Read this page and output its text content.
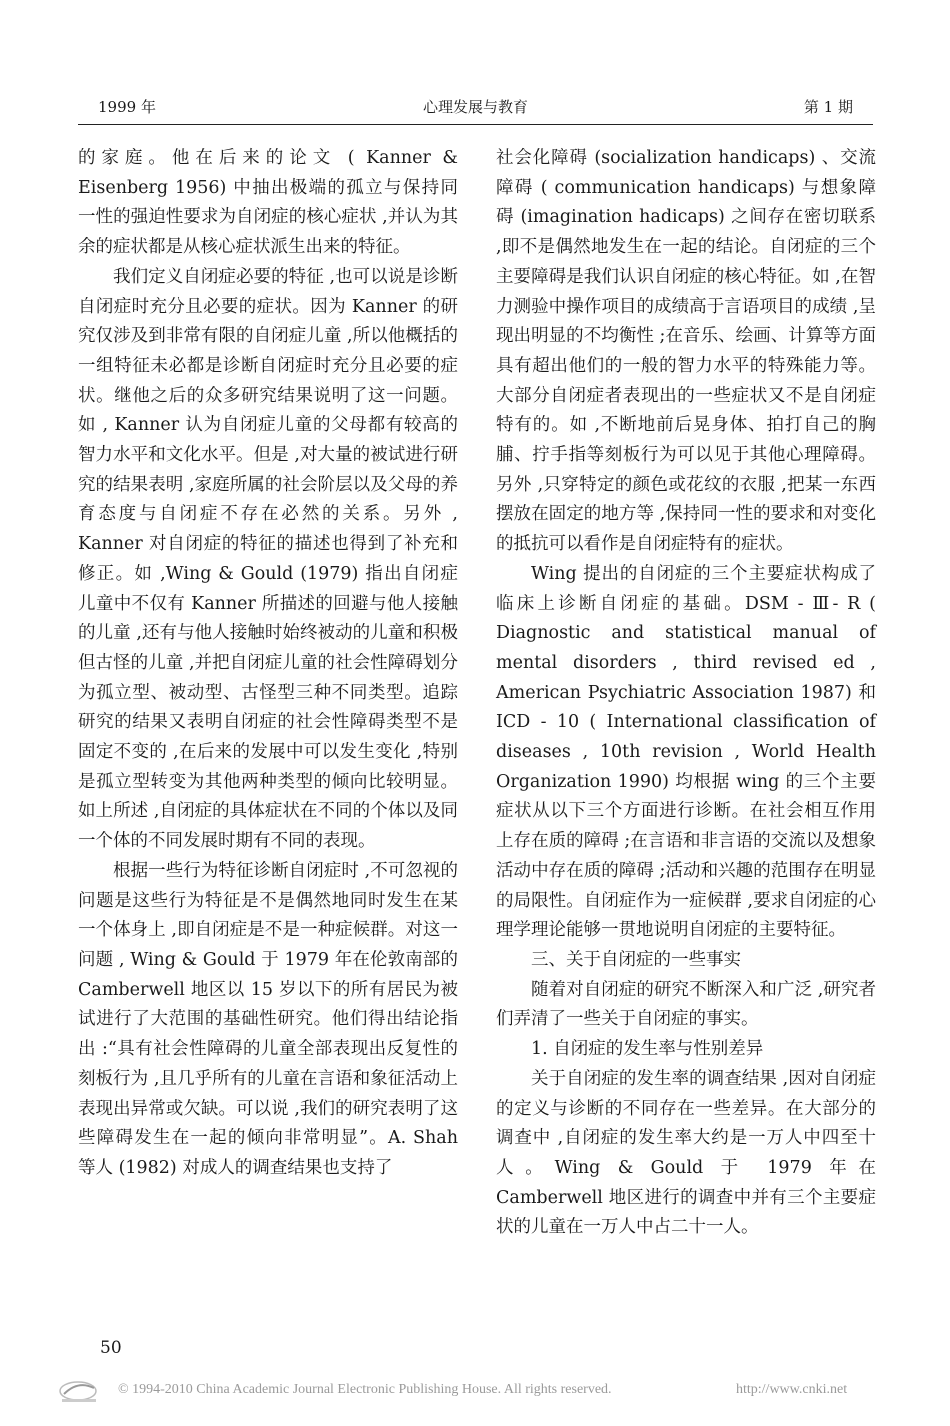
1999 年	心理发展与教育	第 1 期

的家庭。他在后来的论文 ( Kanner & Eisenberg 1956) 中抽出极端的孤立与保持同一性的强迫性要求为自闭症的核心症状 ,并认为其余的症状都是从核心症状派生出来的特征。

我们定义自闭症必要的特征 ,也可以说是诊断自闭症时充分且必要的症状。因为 Kanner 的研究仅涉及到非常有限的自闭症儿童 ,所以他概括的一组特征未必都是诊断自闭症时充分且必要的症状。继他之后的众多研究结果说明了这一问题。如 , Kanner 认为自闭症儿童的父母都有较高的智力水平和文化水平。但是 ,对大量的被试进行研究的结果表明 ,家庭所属的社会阶层以及父母的养育态度与自闭症不存在必然的关系。另外 , Kanner 对自闭症的特征的描述也得到了补充和修正。如 ,Wing & Gould (1979) 指出自闭症儿童中不仅有 Kanner 所描述的回避与他人接触的儿童 ,还有与他人接触时始终被动的儿童和积极但古怪的儿童 ,并把自闭症儿童的社会性障碍划分为孤立型、被动型、古怪型三种不同类型。追踪研究的结果又表明自闭症的社会性障碍类型不是固定不变的 ,在后来的发展中可以发生变化 ,特别是孤立型转变为其他两种类型的倾向比较明显。如上所述 ,自闭症的具体症状在不同的个体以及同一个体的不同发展时期有不同的表现。

根据一些行为特征诊断自闭症时 ,不可忽视的问题是这些行为特征是不是偶然地同时发生在某一个体身上 ,即自闭症是不是一种症候群。对这一问题 , Wing & Gould 于 1979 年在伦敦南部的 Camberwell 地区以 15 岁以下的所有居民为被试进行了大范围的基础性研究。他们得出结论指出 :“具有社会性障碍的儿童全部表现出反复性的刻板行为 ,且几乎所有的儿童在言语和象征活动上表现出异常或欠缺。可以说 ,我们的研究表明了这些障碍发生在一起的倾向非常明显”。A. Shah 等人 (1982) 对成人的调查结果也支持了

社会化障碍 (socialization handicaps) 、交流障碍 ( communication handicaps) 与想象障碍 (imagination hadicaps) 之间存在密切联系 ,即不是偶然地发生在一起的结论。自闭症的三个主要障碍是我们认识自闭症的核心特征。如 ,在智力测验中操作项目的成绩高于言语项目的成绩 ,呈现出明显的不均衡性 ;在音乐、绘画、计算等方面具有超出他们的一般的智力水平的特殊能力等。大部分自闭症者表现出的一些症状又不是自闭症特有的。如 ,不断地前后晃身体、拍打自己的胸脯、拧手指等刻板行为可以见于其他心理障碍。另外 ,只穿特定的颜色或花纹的衣服 ,把某一东西摆放在固定的地方等 ,保持同一性的要求和对变化的抵抗可以看作是自闭症特有的症状。

Wing 提出的自闭症的三个主要症状构成了临床上诊断自闭症的基础。DSM - Ⅲ- R ( Diagnostic and statistical manual of mental disorders , third revised ed , American Psychiatric Association 1987) 和 ICD - 10 ( International classification of diseases , 10th revision , World Health Organization 1990) 均根据 wing 的三个主要症状从以下三个方面进行诊断。在社会相互作用上存在质的障碍 ;在言语和非言语的交流以及想象活动中存在质的障碍 ;活动和兴趣的范围存在明显的局限性。自闭症作为一症候群 ,要求自闭症的心理学理论能够一贯地说明自闭症的主要特征。

三、关于自闭症的一些事实

随着对自闭症的研究不断深入和广泛 ,研究者们弄清了一些关于自闭症的事实。

1. 自闭症的发生率与性别差异

关于自闭症的发生率的调查结果 ,因对自闭症的定义与诊断的不同存在一些差异。在大部分的调查中 ,自闭症的发生率大约是一万人中四至十人。Wing & Gould 于 1979 年在 Camberwell 地区进行的调查中并有三个主要症状的儿童在一万人中占二十一人。

50
© 1994-2010 China Academic Journal Electronic Publishing House. All rights reserved.	http://www.cnki.net
